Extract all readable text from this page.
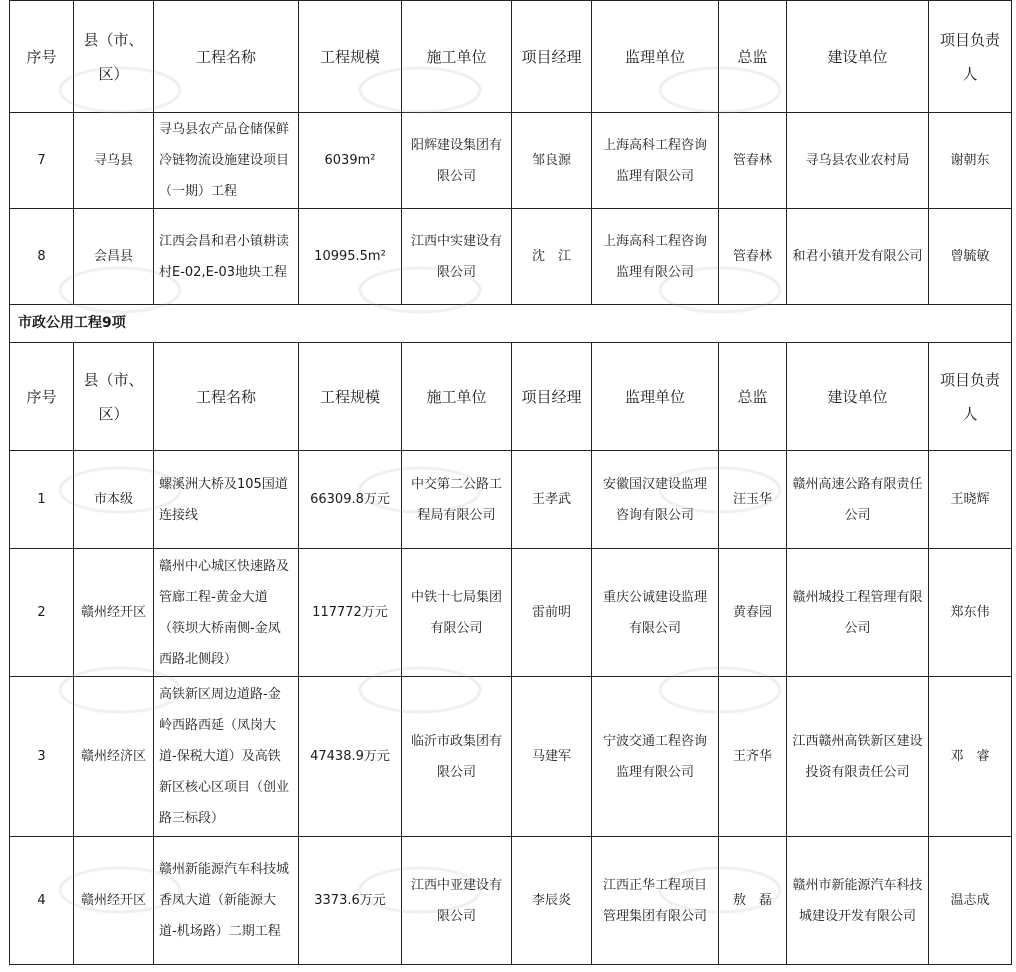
序号	县（市、区）	工程名称	工程规模	施工单位	项目经理	监理单位	总监	建设单位	项目负责人
7	寻乌县	寻乌县农产品仓储保鲜冷链物流设施建设项目（一期）工程	6039m²	阳辉建设集团有限公司	邹良源	上海高科工程咨询监理有限公司	管春林	寻乌县农业农村局	谢朝东
8	会昌县	江西会昌和君小镇耕读村E-02,E-03地块工程	10995.5m²	江西中实建设有限公司	沈　江	上海高科工程咨询监理有限公司	管春林	和君小镇开发有限公司	曾毓敏
市政公用工程9项									
序号	县（市、区）	工程名称	工程规模	施工单位	项目经理	监理单位	总监	建设单位	项目负责人
1	市本级	螺溪洲大桥及105国道连接线	66309.8万元	中交第二公路工程局有限公司	王孝武	安徽国汉建设监理咨询有限公司	汪玉华	赣州高速公路有限责任公司	王晓辉
2	赣州经开区	赣州中心城区快速路及管廊工程-黄金大道（筷坝大桥南侧-金凤西路北侧段）	117772万元	中铁十七局集团有限公司	雷前明	重庆公诚建设监理有限公司	黄春园	赣州城投工程管理有限公司	郑东伟
3	赣州经济区	高铁新区周边道路-金岭西路西延（凤岗大道-保税大道）及高铁新区核心区项目（创业路三标段）	47438.9万元	临沂市政集团有限公司	马建军	宁波交通工程咨询监理有限公司	王齐华	江西赣州高铁新区建设投资有限责任公司	邓　睿
4	赣州经开区	赣州新能源汽车科技城香凤大道（新能源大道-机场路）二期工程	3373.6万元	江西中亚建设有限公司	李辰炎	江西正华工程项目管理集团有限公司	敖　磊	赣州市新能源汽车科技城建设开发有限公司	温志成
